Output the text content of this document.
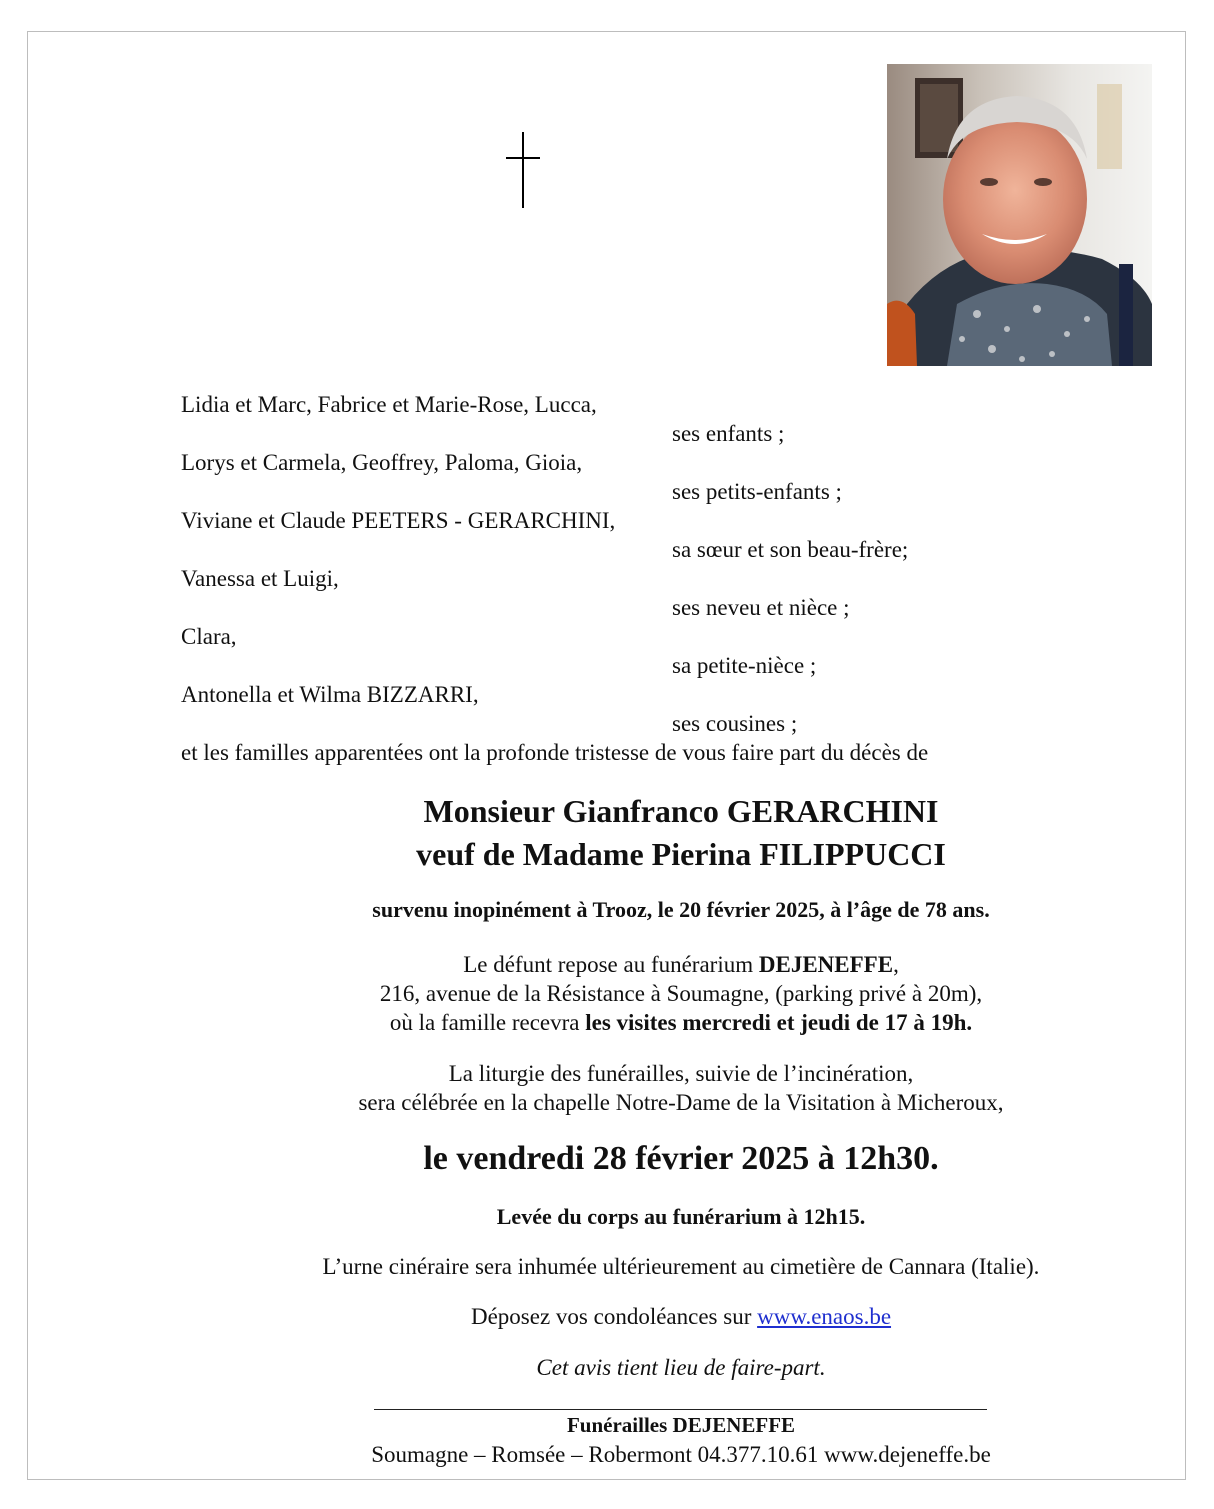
Lidia et Marc, Fabrice et Marie-Rose, Lucca,
ses enfants ;
Lorys et Carmela, Geoffrey, Paloma, Gioia,
ses petits-enfants ;
Viviane et Claude PEETERS - GERARCHINI,
sa sœur et son beau-frère;
Vanessa et Luigi,
ses neveu et nièce ;
Clara,
sa petite-nièce ;
Antonella et Wilma BIZZARRI,
ses cousines ;
et les familles apparentées ont la profonde tristesse de vous faire part du décès de
Monsieur Gianfranco GERARCHINI
veuf de Madame Pierina FILIPPUCCI
survenu inopinément à Trooz, le 20 février 2025, à l’âge de 78 ans.
Le défunt repose au funérarium DEJENEFFE,
216, avenue de la Résistance à Soumagne, (parking privé à 20m),
où la famille recevra les visites mercredi et jeudi de 17 à 19h.
La liturgie des funérailles, suivie de l’incinération,
sera célébrée en la chapelle Notre-Dame de la Visitation à Micheroux,
le vendredi 28 février 2025 à 12h30.
Levée du corps au funérarium à 12h15.
L’urne cinéraire sera inhumée ultérieurement au cimetière de Cannara (Italie).
Déposez vos condoléances sur www.enaos.be
Cet avis tient lieu de faire-part.
Funérailles DEJENEFFE
Soumagne – Romsée – Robermont 04.377.10.61 www.dejeneffe.be
